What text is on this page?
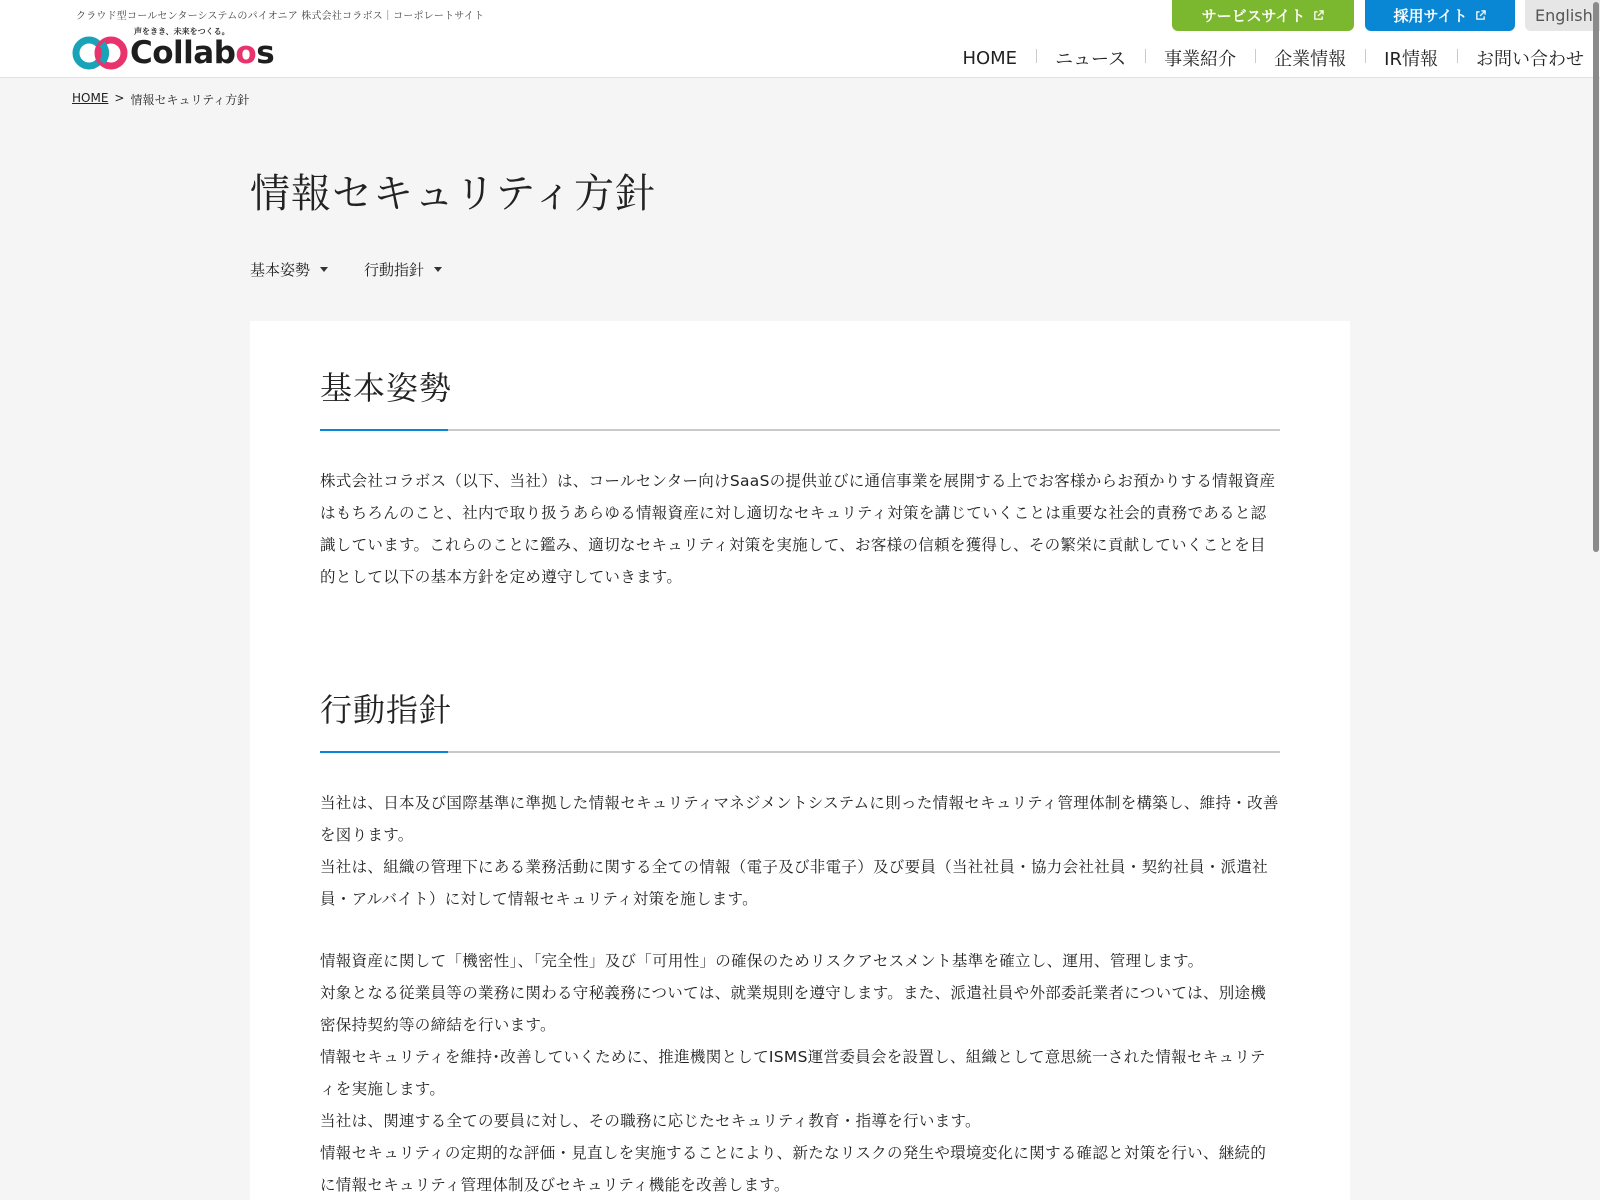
クラウド型コールセンターシステムのパイオニア 株式会社コラボス｜コーポレートサイト
声をきき、未来をつくる。
Collabos
サービスサイト	採用サイト	English
HOME	ニュース	事業紹介	企業情報	IR情報	お問い合わせ
HOME > 情報セキュリティ方針
情報セキュリティ方針
基本姿勢	行動指針
基本姿勢

株式会社コラボス（以下、当社）は、コールセンター向けSaaSの提供並びに通信事業を展開する上でお客様からお預かりする情報資産はもちろんのこと、社内で取り扱うあらゆる情報資産に対し適切なセキュリティ対策を講じていくことは重要な社会的責務であると認識しています。これらのことに鑑み、適切なセキュリティ対策を実施して、お客様の信頼を獲得し、その繁栄に貢献していくことを目的として以下の基本方針を定め遵守していきます。

行動指針

当社は、日本及び国際基準に準拠した情報セキュリティマネジメントシステムに則った情報セキュリティ管理体制を構築し、維持・改善を図ります。

当社は、組織の管理下にある業務活動に関する全ての情報（電子及び非電子）及び要員（当社社員・協力会社社員・契約社員・派遣社員・アルバイト）に対して情報セキュリティ対策を施します。

情報資産に関して「機密性」、「完全性」及び「可用性」の確保のためリスクアセスメント基準を確立し、運用、管理します。

対象となる従業員等の業務に関わる守秘義務については、就業規則を遵守します。また、派遣社員や外部委託業者については、別途機密保持契約等の締結を行います。

情報セキュリティを維持･改善していくために、推進機関としてISMS運営委員会を設置し、組織として意思統一された情報セキュリティを実施します。

当社は、関連する全ての要員に対し、その職務に応じたセキュリティ教育・指導を行います。

情報セキュリティの定期的な評価・見直しを実施することにより、新たなリスクの発生や環境変化に関する確認と対策を行い、継続的に情報セキュリティ管理体制及びセキュリティ機能を改善します。
